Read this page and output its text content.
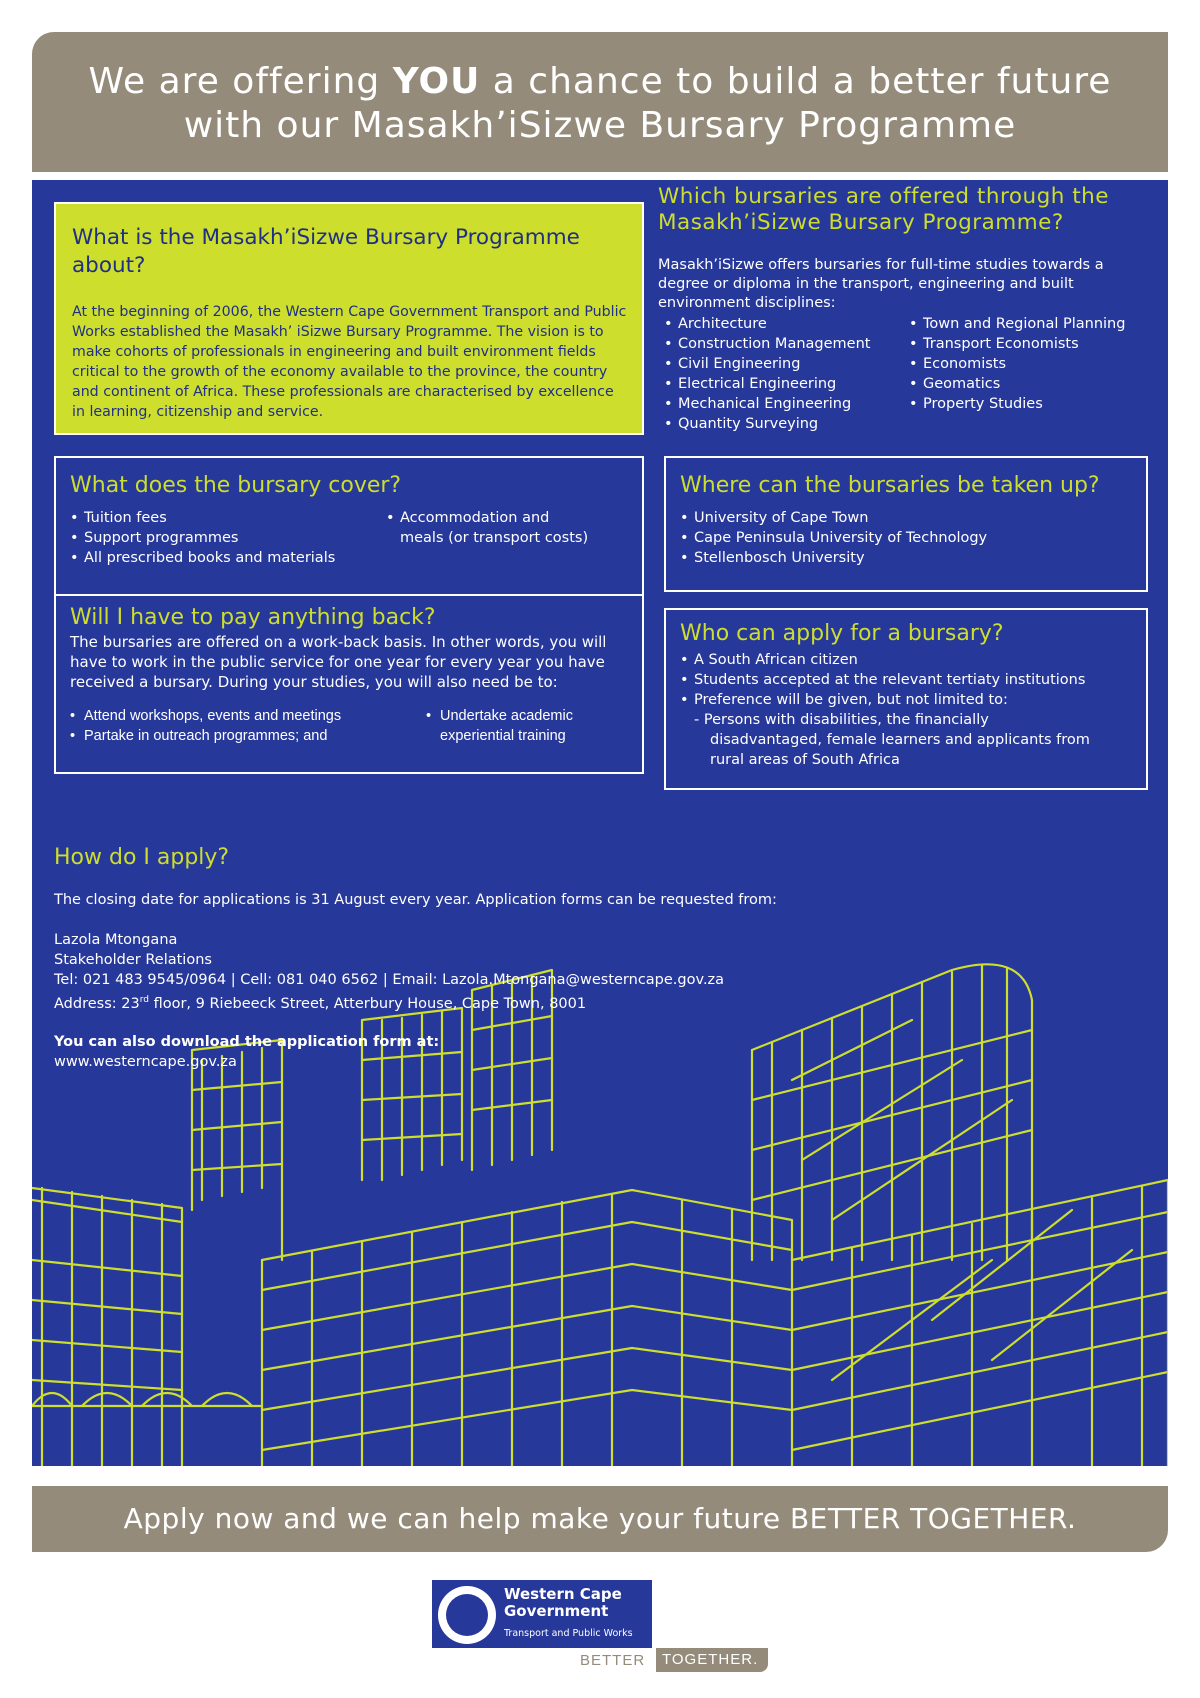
We are offering YOU a chance to build a better future
with our Masakh’iSizwe Bursary Programme
What is the Masakh’iSizwe Bursary Programme about?

At the beginning of 2006, the Western Cape Government Transport and Public Works established the Masakh’ iSizwe Bursary Programme. The vision is to make cohorts of professionals in engineering and built environment fields critical to the growth of the economy available to the province, the country and continent of Africa. These professionals are characterised by excellence in learning, citizenship and service.

Which bursaries are offered through the Masakh’iSizwe Bursary Programme?
Masakh’iSizwe offers bursaries for full-time studies towards a degree or diploma in the transport, engineering and built environment disciplines:
• Architecture
• Construction Management
• Civil Engineering
• Electrical Engineering
• Mechanical Engineering
• Quantity Surveying
• Town and Regional Planning
• Transport Economists
• Economists
• Geomatics
• Property Studies
What does the bursary cover?
• Tuition fees
• Support programmes
• All prescribed books and materials
• Accommodation and
meals (or transport costs)
Will I have to pay anything back?
The bursaries are offered on a work-back basis. In other words, you will have to work in the public service for one year for every year you have received a bursary. During your studies, you will also need be to:
• Attend workshops, events and meetings
• Partake in outreach programmes; and
• Undertake academic
experiential training
Where can the bursaries be taken up?
• University of Cape Town
• Cape Peninsula University of Technology
• Stellenbosch University
Who can apply for a bursary?
• A South African citizen
• Students accepted at the relevant tertiaty institutions
• Preference will be given, but not limited to:
- Persons with disabilities, the financially
disadvantaged, female learners and applicants from
rural areas of South Africa
How do I apply?
The closing date for applications is 31 August every year. Application forms can be requested from:
Lazola Mtongana
Stakeholder Relations
Tel: 021 483 9545/0964 | Cell: 081 040 6562 | Email: Lazola.Mtongana@westerncape.gov.za
Address: 23rd floor, 9 Riebeeck Street, Atterbury House, Cape Town, 8001
You can also download the application form at:
www.westerncape.gov.za
Apply now and we can help make your future BETTER TOGETHER.
Western Cape
Government
Transport and Public Works
BETTER	TOGETHER.
